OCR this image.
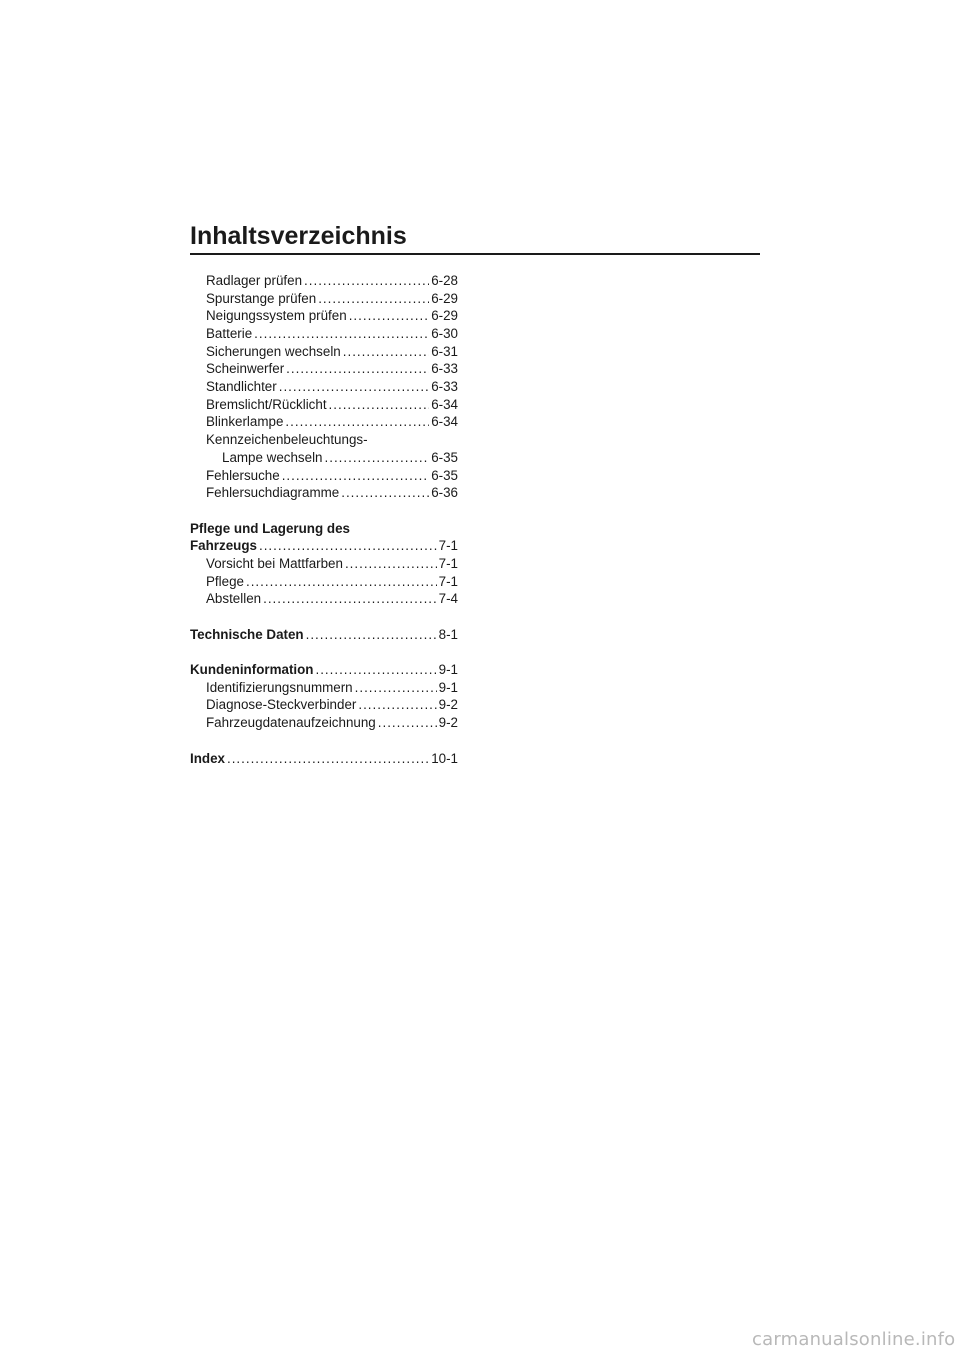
Inhaltsverzeichnis
Radlager prüfen .....	6-28
Spurstange prüfen .....	6-29
Neigungssystem prüfen .....	6-29
Batterie .....	6-30
Sicherungen wechseln .....	6-31
Scheinwerfer .....	6-33
Standlichter .....	6-33
Bremslicht/Rücklicht .....	6-34
Blinkerlampe .....	6-34
Kennzeichenbeleuchtungs-
Lampe wechseln .....	6-35
Fehlersuche .....	6-35
Fehlersuchdiagramme .....	6-36
Pflege und Lagerung des
Fahrzeugs .....	7-1
Vorsicht bei Mattfarben .....	7-1
Pflege .....	7-1
Abstellen .....	7-4
Technische Daten .....	8-1
Kundeninformation .....	9-1
Identifizierungsnummern .....	9-1
Diagnose-Steckverbinder .....	9-2
Fahrzeugdatenaufzeichnung .....	9-2
Index .....	10-1
carmanualsonline.info
